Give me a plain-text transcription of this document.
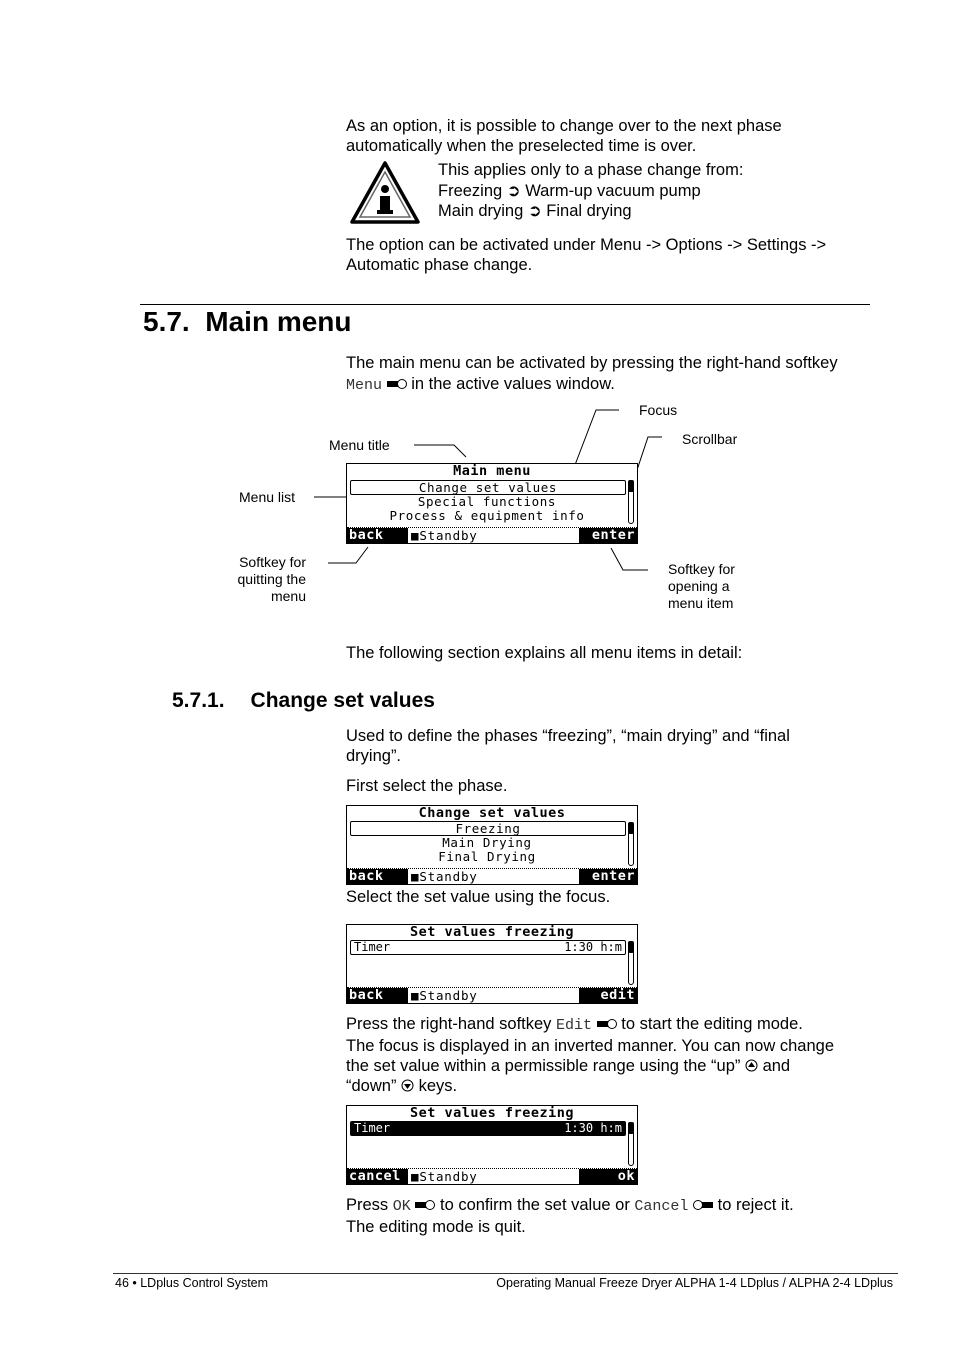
As an option, it is possible to change over to the next phase
automatically when the preselected time is over.
This applies only to a phase change from:
Freezing ➲ Warm-up vacuum pump
Main drying ➲ Final drying
The option can be activated under Menu -> Options -> Settings ->
Automatic phase change.
5.7. Main menu
The main menu can be activated by pressing the right-hand softkey
Menu in the active values window.
Focus
Scrollbar
Menu title
Menu list
Softkey for
quitting the
menu
Softkey for
opening a
menu item
Main menu
Change set values
Special functions
Process & equipment info
back	■Standby	enter
The following section explains all menu items in detail:
5.7.1. Change set values
Used to define the phases “freezing”, “main drying” and “final
drying”.
First select the phase.
Change set values
Freezing
Main Drying
Final Drying
back	■Standby	enter
Select the set value using the focus.
Set values freezing
Timer	1:30 h:m
back	■Standby	edit
Press the right-hand softkey Edit to start the editing mode.
The focus is displayed in an inverted manner. You can now change
the set value within a permissible range using the “up” and
“down” keys.
Set values freezing
Timer	1:30 h:m
cancel ■Standby	ok
Press OK to confirm the set value or Cancel to reject it.
The editing mode is quit.
46 • LDplus Control System	Operating Manual Freeze Dryer ALPHA 1-4 LDplus / ALPHA 2-4 LDplus
